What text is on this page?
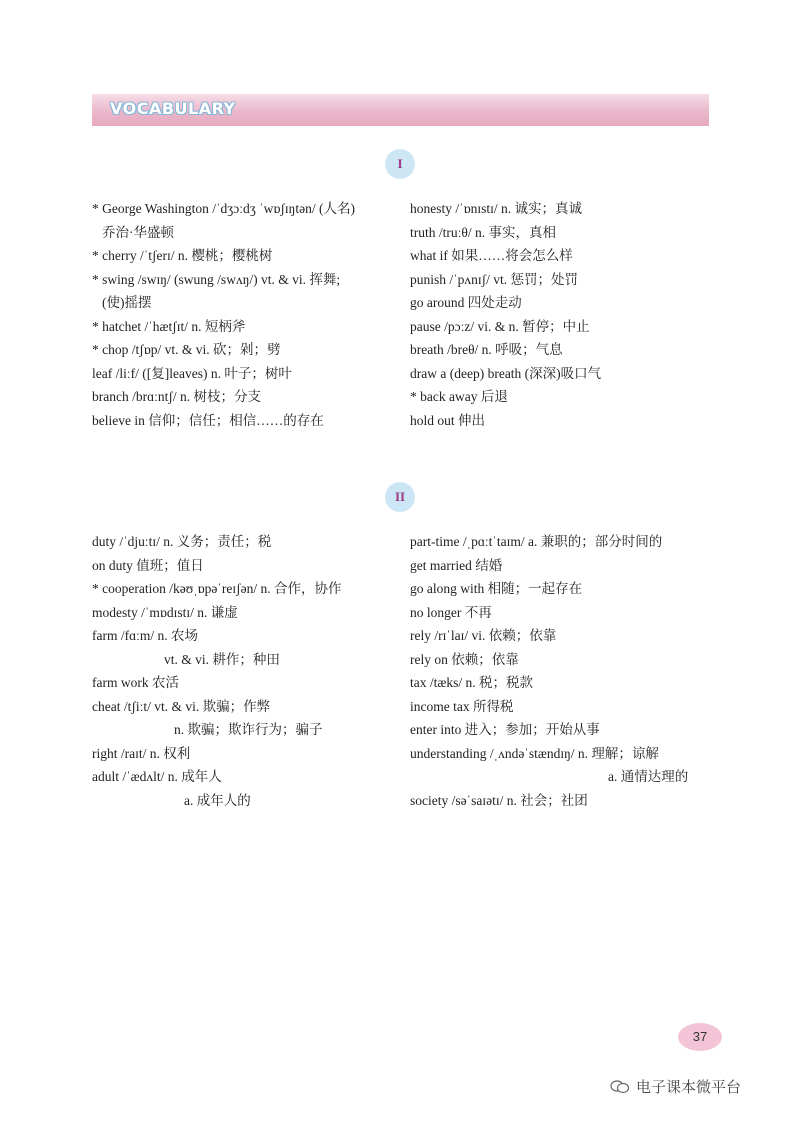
VOCABULARY
I
* George Washington /ˈdʒɔːdʒ ˈwɒʃɪŋtən/ (人名)
乔治·华盛顿
* cherry /ˈtʃerɪ/ n. 樱桃；樱桃树
* swing /swɪŋ/ (swung /swʌŋ/) vt. & vi. 挥舞;
(使)摇摆
* hatchet /ˈhætʃɪt/ n. 短柄斧
* chop /tʃɒp/ vt. & vi. 砍；剁；劈
leaf /liːf/ ([复]leaves) n. 叶子；树叶
branch /brɑːntʃ/ n. 树枝；分支
believe in 信仰；信任；相信……的存在
honesty /ˈɒnɪstɪ/ n. 诚实；真诚
truth /truːθ/ n. 事实，真相
what if 如果……将会怎么样
punish /ˈpʌnɪʃ/ vt. 惩罚；处罚
go around 四处走动
pause /pɔːz/ vi. & n. 暂停；中止
breath /breθ/ n. 呼吸；气息
draw a (deep) breath (深深)吸口气
* back away 后退
hold out 伸出
II
duty /ˈdjuːtɪ/ n. 义务；责任；税
on duty 值班；值日
* cooperation /kəʊˌɒpəˈreɪʃən/ n. 合作，协作
modesty /ˈmɒdɪstɪ/ n. 谦虚
farm /fɑːm/ n. 农场
vt. & vi. 耕作；种田
farm work 农活
cheat /tʃiːt/ vt. & vi. 欺骗；作弊
n. 欺骗；欺诈行为；骗子
right /raɪt/ n. 权利
adult /ˈædʌlt/ n. 成年人
a. 成年人的
part-time /ˌpɑːtˈtaɪm/ a. 兼职的；部分时间的
get married 结婚
go along with 相随；一起存在
no longer 不再
rely /rɪˈlaɪ/ vi. 依赖；依靠
rely on 依赖；依靠
tax /tæks/ n. 税；税款
income tax 所得税
enter into 进入；参加；开始从事
understanding /ˌʌndəˈstændɪŋ/ n. 理解；谅解
a. 通情达理的
society /səˈsaɪətɪ/ n. 社会；社团
37
电子课本微平台
